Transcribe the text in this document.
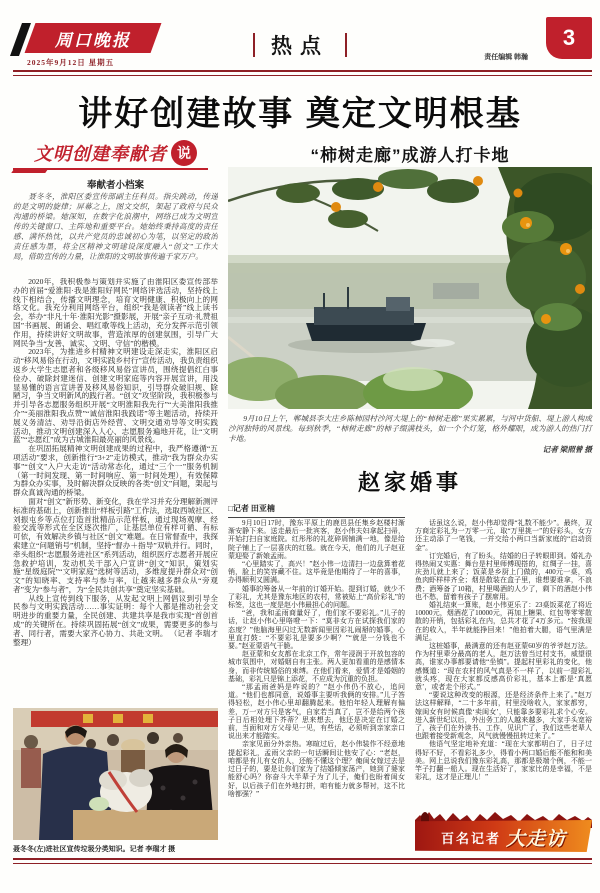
周口晚报
2025年9月12日 星期五
热点	责任编辑 韩瀚
3
讲好创建故事 奠定文明根基
文明创建奉献者 说
奉献者小档案

聂冬冬，淮阳区委宣传部副主任科员。指尖跳动，传递的是文明的旋律；屏幕之上，图文交织，架起了政府与民众沟通的桥梁。她深知，在数字化浪潮中，网络已成为文明宣传的关键窗口、主阵地和重要平台。她始终秉持高度的责任感、满怀热忱，以共产党员的忠诚初心为笔，以坚定的政治责任感为墨，将全区精神文明建设深度融入“创文”工作大局，借助宣传的力量，让淮阳的文明故事传遍千家万户。

2020年，我积极参与策划并实施了由淮阳区委宣传部举办的首届“爱淮阳·我是淮阳好网民”网络评选活动，坚持线上线下相结合，传播文明理念，培育文明健康、积极向上的网络文化。我充分利用网络平台，组织“我是领读者”线上读书会，举办“非凡十年·淮阳光影”摄影展，开展“亲子互动·礼赞祖国”书画展、朗诵会、唱红歌等线上活动，充分发挥示范引领作用，持续讲好文明故事，营造浓厚的创建氛围，引导广大网民争当“友善、诚实、文明、守信”的楷模。

2023年，为推进乡村精神文明建设走深走实，淮阳区启动“移风易俗在行动，文明实践乡村行”宣传活动，我负责组织返乡大学生志愿者和各级移风易俗宣讲员，围绕提倡红白事俭办、破除封建迷信、创建文明家庭等内容开展宣讲，用浅显易懂的语言宣讲普及移风易俗知识，引导群众破旧规、除陋习，争当文明新风的践行者。“创文”攻坚阶段，我积极参与并引导各志愿服务组织开展“文明淮阳我先行”“大美淮阳我推介”“美丽淮阳我点赞”“诚信淮阳我践诺”等主题活动，持续开展义务清洁、劝导沿街店外经营、文明交通劝导等文明实践活动，推动文明创建深入人心、志愿服务遍地开花，让“文明蓝”“志愿红”成为古城淮阳最亮丽的风景线。

在巩固拓展精神文明创建成果的过程中，我严格遵循“五项活动”要求，创新推行“3+2”走访模式，推动“我为群众办实事”“创文”入户大走访“活动常态化，通过“三个一”服务机制（第一时间发现、第一时间响应、第一时间处理），有效保障为群众办实事，及时解决群众反映的各类“创文”问题，架起与群众真诚沟通的桥梁。

面对“创文”新形势、新变化，我在学习并充分理解新测评标准的基础上，创新推出“样板引路”工作法，选取西城社区、刘振屯乡等点位打造首批精品示范样板，通过现场观摩、经验交流等形式在全区逐次推广，让基层单位有样可循、有标可依，有效解决乡镇与社区“创文”难题。在日常督查中，我探索建立“问题销号”机制，坚持“督办＋指导”双轨并行。同时，牵头组织“志愿服务进社区”系列活动，组织医疗志愿者开展应急救护培训，发动机关干部入户宣讲“创文”知识，策划实施“星级庭院”“文明家庭”选树等活动，多维度提升群众对“创文”的知晓率、支持率与参与率，让越来越多群众从“旁观者”变为“参与者”，为“全民共创共享”奠定坚实基础。

从线上宣传到线下服务，从发起文明上网倡议到引导全民参与文明实践活动……事实证明：每个人都是推动社会文明进步的重要力量，全民创建、共建共享是我市实现“首创首成”的关键所在。持续巩固拓展“创文”成果，需要更多的参与者、同行者，需要大家齐心协力、共赴文明。 （记者 李瑞才 整理）

聂冬冬(左)进社区宣传垃圾分类知识。记者 李瑞才 摄
“柿树走廊”成游人打卡地

9月10日上午，郸城县李大庄乡陈柿园村沙河大堤上的“柿树走廊”果实累累，与河中货船、堤上游人构成沙河独特的风景线。每到秋季，“柿树走廊”的柿子缀满枝头，如一个个灯笼，格外耀眼，成为游人的热门打卡地。

记者 梁照曾 摄
赵家婚事
□记者 田亚楠

9月10日17时，豫东平原上的鹿邑县任集乡赵楼村渐渐安静下来。送走最后一批宾客，赵小伟夫妇拿起扫帚，开始打扫自家庭院。红彤彤的礼花碎屑铺满一地，像是给院子铺上了一层喜庆的红毯。就在今天，他们的儿子赵亚蒙迎娶了新娘孟雨。

“心里踏实了，高兴！”赵小伟一边清扫一边盘算着花销，脸上的笑容藏不住。这毕竟是他期待了一年的喜事，办得顺利又圆满。

婚事的筹备从一年前的订婚开始。提到订婚，就少不了彩礼，尤其是豫东地区的农村，常被贴上“高价彩礼”的标签，这也一度是赵小伟最担心的问题。

“爸，我和孟雨商量好了，他们家不要彩礼。”儿子的话，让赵小伟心里咯噔一下：“莫非女方在试探我们家的态度？”他脑海里闪过无数新闻里因彩礼闹掰的婚事，心里直打鼓：“不要彩礼是要多少啊？”“就是一分钱也不要。”赵亚蒙语气干脆。

赵亚蒙和女友都在北京工作，常年浸润于开放包容的城市氛围中，对婚姻自有主张。两人更加看重的是感情本身，而非传统婚俗的束缚。在他们看来，爱情才是婚姻的基础，彩礼只是锦上添花，不应成为沉重的负担。

“那孟雨爸妈是咋说的？”赵小伟仍不放心，追问道。“他们也都同意，说婚事主要听我俩的安排。”儿子答得轻松，赵小伟心里却翻腾起来。他怕年轻人理解有偏差，万一对方只是客气，自家若当真了，岂不是给两个孩子日后相处埋下芥蒂？思来想去，他还是决定在订婚之前，当面和对方父母见一见，有些话，必须听到亲家亲口说出来才能踏实。

亲家见面分外亲热。寒暄过后，赵小伟装作不经意地提起彩礼，孟雨父亲的一句话瞬间让他安了心：“老赵，咱都是有儿有女的人，还能不懂这个理？俺闺女嫁过去是过日子的，要是让你们家为了结婚倾家荡产，她到了婆家能舒心吗？你奋斗大半辈子为了儿子，俺们也盼着闺女好，以后孩子们在外地打拼，咱有能力就多帮衬，这不比啥都强？”

话虽这么说，赵小伟却觉得“礼数不能少”。最终，双方商定彩礼为一万零一元，取“万里挑一”的好彩头，女方还主动添了一笔钱，一并交给小两口当新家庭的“启动资金”。

订完婚后，有了盼头，结婚的日子转眼即到。婚礼办得热闹又实惠：舞台是村里师傅现搭的，红绸子一挂，喜庆劲儿就上来了；饭菜是乡厨上门做的，400元一桌，鸡鱼肉虾样样齐全；烟是散装在盒子里，谁想要谁拿，不浪费；酒筹备了10箱，村里喝酒的人少了，剩下的酒赵小伟也不愁，留着有孩子了摆席用。

婚礼结束一算账，赵小伟更乐了：23桌饭菜花了将近10000元，烟酒花了10000元，再加上糖果、红包等零零散散的开销，包括彩礼在内，总共才花了4万多元。“按我现在的收入，半年就能挣回来！”他拍着大腿，语气里满是满足。

这桩婚事，最满意的还有赵亚蒙60岁的爷爷赵万法。作为村里辈分最高的老人，赵万法曾当过村支书，威望很高，谁家办事都要请他“坐镇”。提起村里彩礼的变化，他感慨道：“现在农村的风气真是不一样了，以前一提彩礼就头疼，现在大家都反感高价彩礼，基本上都是‘真愿意’，或者走个形式。”

“要说这种改变的根源，还是经济条件上来了。”赵万法这样解释，“二十多年前，村里没啥收入，家家都穷，嫁闺女有时候真像‘卖闺女’，只能靠多要彩礼求个心安。进入新世纪以后，外出务工的人越来越多，大家手头宽裕了，孩子们在外读书、工作，见识广了，我们这些老辈人也跟着接受新观念，风气就慢慢扭转过来了。”

他语气坚定地补充道：“现在大家都明白了，日子过得好不好，不看彩礼多少，得看小两口婚后能不能和和美美。网上总说我们豫东彩礼高，那都是极端个例，不能一竿子打翻一船人。现在生活好了，家家比的是幸福，不是彩礼，这才是正理儿！”

百名记者 大走访
